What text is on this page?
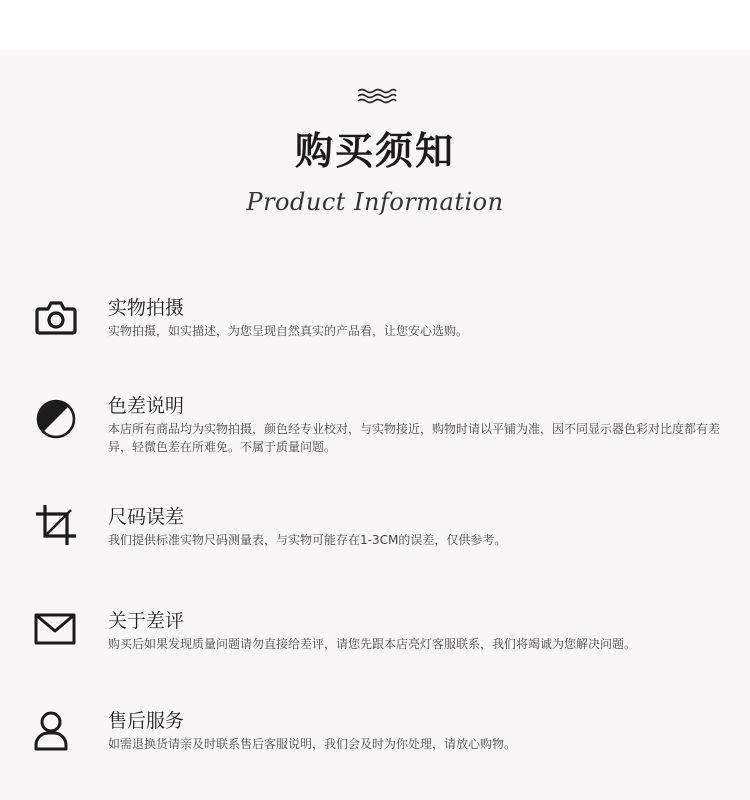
购买须知
Product Information
实物拍摄
实物拍摄，如实描述，为您呈现自然真实的产品看，让您安心选购。
色差说明
本店所有商品均为实物拍摄，颜色经专业校对，与实物接近，购物时请以平铺为准，因不同显示器色彩对比度都有差异，轻微色差在所难免。不属于质量问题。
尺码误差
我们提供标准实物尺码测量表，与实物可能存在1-3CM的误差，仅供参考。
关于差评
购买后如果发现质量问题请勿直接给差评，请您先跟本店亮灯客服联系，我们将竭诚为您解决问题。
售后服务
如需退换货请亲及时联系售后客服说明，我们会及时为你处理，请放心购物。
